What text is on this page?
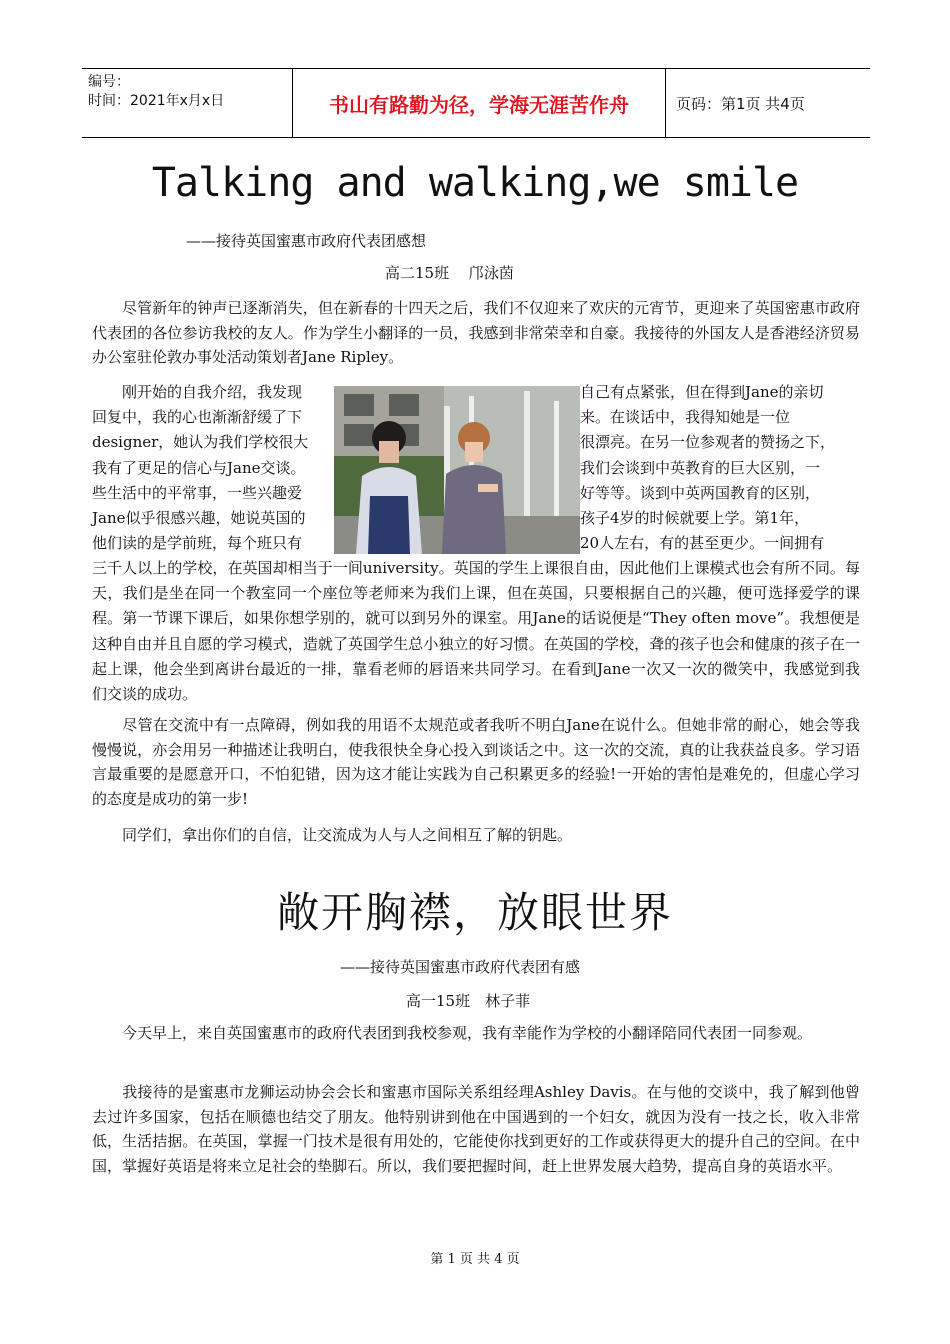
编号：
时间：2021年x月x日	书山有路勤为径，学海无涯苦作舟	页码：第1页 共4页
Talking and walking,we smile
——接待英国蜜惠市政府代表团感想
高二15班　 邝泳茵

尽管新年的钟声已逐渐消失，但在新春的十四天之后，我们不仅迎来了欢庆的元宵节，更迎来了英国密惠市政府代表团的各位参访我校的友人。作为学生小翻译的一员，我感到非常荣幸和自豪。我接待的外国友人是香港经济贸易办公室驻伦敦办事处活动策划者Jane Ripley。

刚开始的自我介绍，我发现
回复中，我的心也渐渐舒缓了下
designer，她认为我们学校很大
我有了更足的信心与Jane交谈。
些生活中的平常事，一些兴趣爱
Jane似乎很感兴趣，她说英国的
他们读的是学前班，每个班只有
自己有点紧张，但在得到Jane的亲切
来。在谈话中，我得知她是一位
很漂亮。在另一位参观者的赞扬之下，
我们会谈到中英教育的巨大区别，一
好等等。谈到中英两国教育的区别，
孩子4岁的时候就要上学。第1年，
20人左右，有的甚至更少。一间拥有
三千人以上的学校，在英国却相当于一间university。英国的学生上课很自由，因此他们上课模式也会有所不同。每天，我们是坐在同一个教室同一个座位等老师来为我们上课，但在英国，只要根据自己的兴趣，便可选择爱学的课程。第一节课下课后，如果你想学别的，就可以到另外的课室。用Jane的话说便是“They often move”。我想便是这种自由并且自愿的学习模式，造就了英国学生总小独立的好习惯。在英国的学校，聋的孩子也会和健康的孩子在一起上课，他会坐到离讲台最近的一排，靠看老师的唇语来共同学习。在看到Jane一次又一次的微笑中，我感觉到我们交谈的成功。

尽管在交流中有一点障碍，例如我的用语不太规范或者我听不明白Jane在说什么。但她非常的耐心，她会等我慢慢说，亦会用另一种描述让我明白，使我很快全身心投入到谈话之中。这一次的交流，真的让我获益良多。学习语言最重要的是愿意开口，不怕犯错，因为这才能让实践为自己积累更多的经验!一开始的害怕是难免的，但虚心学习的态度是成功的第一步!

同学们，拿出你们的自信，让交流成为人与人之间相互了解的钥匙。

敞开胸襟，放眼世界
——接待英国蜜惠市政府代表团有感
高一15班　林子菲

今天早上，来自英国蜜惠市的政府代表团到我校参观，我有幸能作为学校的小翻译陪同代表团一同参观。

我接待的是蜜惠市龙狮运动协会会长和蜜惠市国际关系组经理Ashley Davis。在与他的交谈中，我了解到他曾去过许多国家，包括在顺德也结交了朋友。他特别讲到他在中国遇到的一个妇女，就因为没有一技之长，收入非常低，生活拮据。在英国，掌握一门技术是很有用处的，它能使你找到更好的工作或获得更大的提升自己的空间。在中国，掌握好英语是将来立足社会的垫脚石。所以，我们要把握时间，赶上世界发展大趋势，提高自身的英语水平。

第 1 页 共 4 页
